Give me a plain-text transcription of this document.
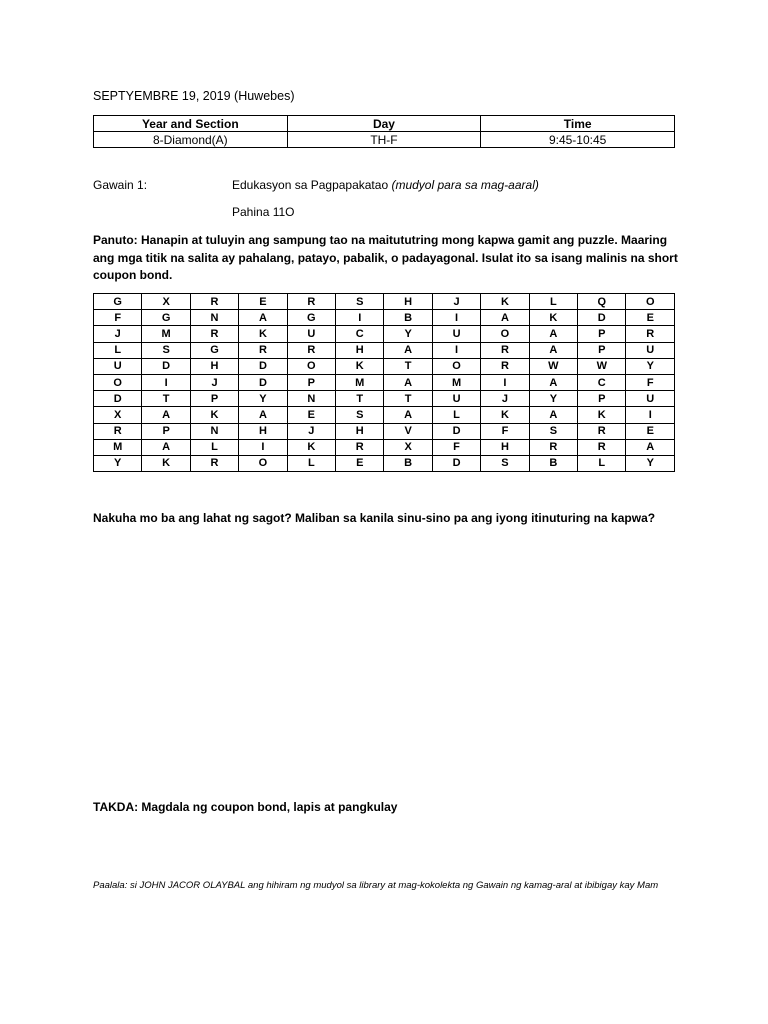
SEPTYEMBRE 19, 2019 (Huwebes)
Year and Section	Day	Time
8-Diamond(A)	TH-F	9:45-10:45
Gawain 1:	Edukasyon sa Pagpapakatao (mudyol para sa mag-aaral)
Pahina 11O
Panuto: Hanapin at tuluyin ang sampung tao na maitututring mong kapwa gamit ang puzzle. Maaring ang mga titik na salita ay pahalang, patayo, pabalik, o padayagonal. Isulat ito sa isang malinis na short coupon bond.
G	X	R	E	R	S	H	J	K	L	Q	O
F	G	N	A	G	I	B	I	A	K	D	E
J	M	R	K	U	C	Y	U	O	A	P	R
L	S	G	R	R	H	A	I	R	A	P	U
U	D	H	D	O	K	T	O	R	W	W	Y
O	I	J	D	P	M	A	M	I	A	C	F
D	T	P	Y	N	T	T	U	J	Y	P	U
X	A	K	A	E	S	A	L	K	A	K	I
R	P	N	H	J	H	V	D	F	S	R	E
M	A	L	I	K	R	X	F	H	R	R	A
Y	K	R	O	L	E	B	D	S	B	L	Y
Nakuha mo ba ang lahat ng sagot? Maliban sa kanila sinu-sino pa ang iyong itinuturing na kapwa?
TAKDA: Magdala ng coupon bond, lapis at pangkulay
Paalala: si JOHN JACOR OLAYBAL ang hihiram ng mudyol sa library at mag-kokolekta ng Gawain ng kamag-aral at ibibigay kay Mam
